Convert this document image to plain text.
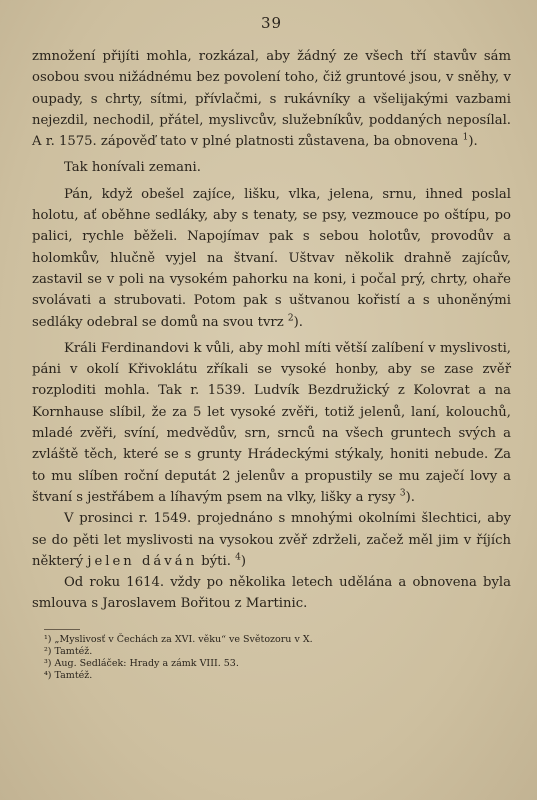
39

zmnožení přijíti mohla, rozkázal, aby žádný ze všech tří stavův sám osobou svou nižádnému bez povolení toho, čiž gruntové jsou, v sněhy, v oupady, s chrty, sítmi, přívlačmi, s rukávníky a všelijakými vazbami nejezdil, nechodil, přátel, myslivcův, služebníkův, poddaných neposílal. A r. 1575. zápověď tato v plné platnosti zůstavena, ba obnovena $^1$).

Tak honívali zemani.

Pán, když obešel zajíce, lišku, vlka, jelena, srnu, ihned poslal holotu, ať oběhne sedláky, aby s tenaty, se psy, vezmouce po oštípu, po palici, rychle běželi. Napojímav pak s sebou holotův, provodův a holomkův, hlučně vyjel na štvaní. Uštvav několik drahně zajícův, zastavil se v poli na vysokém pahorku na koni, i počal prý, chrty, ohaře svolávati a strubovati. Potom pak s uštvanou kořistí a s uhoněnými sedláky odebral se domů na svou tvrz $^2$).

Králi Ferdinandovi k vůli, aby mohl míti větší zalíbení v myslivosti, páni v okolí Křivoklátu zříkali se vysoké honby, aby se zase zvěř rozploditi mohla. Tak r. 1539. Ludvík Bezdružický z Kolovrat a na Kornhause slíbil, že za 5 let vysoké zvěři, totiž jelenů, laní, kolouchů, mladé zvěři, svíní, medvědův, srn, srnců na všech gruntech svých a zvláště těch, které se s grunty Hrádeckými stýkaly, honiti nebude. Za to mu slíben roční deputát 2 jelenův a propustily se mu zaječí lovy a štvaní s jestřábem a líhavým psem na vlky, lišky a rysy $^3$).

V prosinci r. 1549. projednáno s mnohými okolními šlechtici, aby se do pěti let myslivosti na vysokou zvěř zdrželi, začež měl jim v říjích některý jelen dáván býti. $^4$)

Od roku 1614. vždy po několika letech udělána a obnovena byla smlouva s Jaroslavem Bořitou z Martinic.

¹) „Myslivosť v Čechách za XVI. věku“ ve Světozoru v X.

²) Tamtéž.

³) Aug. Sedláček: Hrady a zámk VIII. 53.

⁴) Tamtéž.
